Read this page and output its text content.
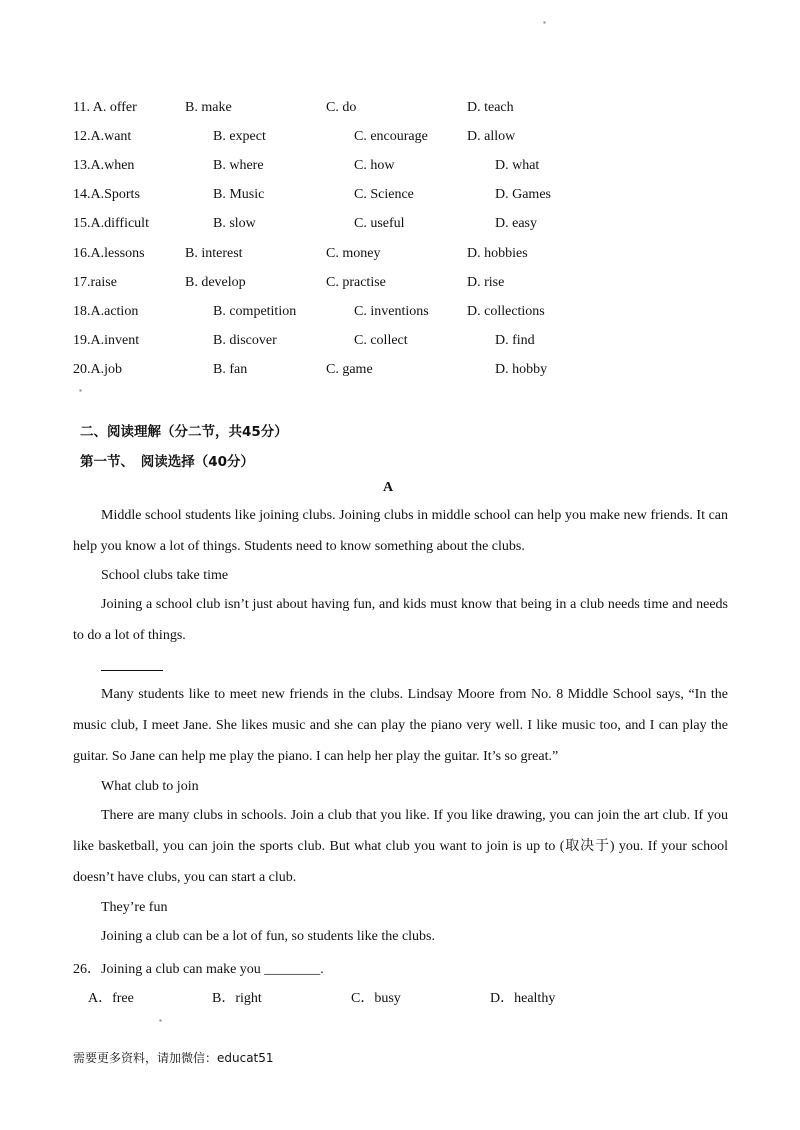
▪
11. A. offer	B. make	C. do	D. teach
12.A.want	B. expect	C. encourage	D. allow
13.A.when	B. where	C. how	D. what
14.A.Sports	B. Music	C. Science	D. Games
15.A.difficult	B. slow	C. useful	D. easy
16.A.lessons	B. interest	C. money	D. hobbies
17.raise	B. develop	C. practise	D. rise
18.A.action	B. competition	C. inventions	D. collections
19.A.invent	B. discover	C. collect	D. find
20.A.job	B. fan	C. game	D. hobby
▪
二、阅读理解（分二节，共45分）
第一节、　阅读选择（40分）
A
Middle school students like joining clubs. Joining clubs in middle school can help you make new friends. It can help you know a lot of things. Students need to know something about the clubs.
School clubs take time
Joining a school club isn’t just about having fun, and kids must know that being in a club needs time and needs to do a lot of things.
Many students like to meet new friends in the clubs. Lindsay Moore from No. 8 Middle School says, “In the music club, I meet Jane. She likes music and she can play the piano very well. I like music too, and I can play the guitar. So Jane can help me play the piano. I can help her play the guitar. It’s so great.”
What club to join
There are many clubs in schools. Join a club that you like. If you like drawing, you can join the art club. If you like basketball, you can join the sports club. But what club you want to join is up to (取决于) you. If your school doesn’t have clubs, you can start a club.
They’re fun
Joining a club can be a lot of fun, so students like the clubs.
26．Joining a club can make you ________.
A．free	B．right	C．busy	D．healthy
▪
需要更多资料，请加微信：educat51
